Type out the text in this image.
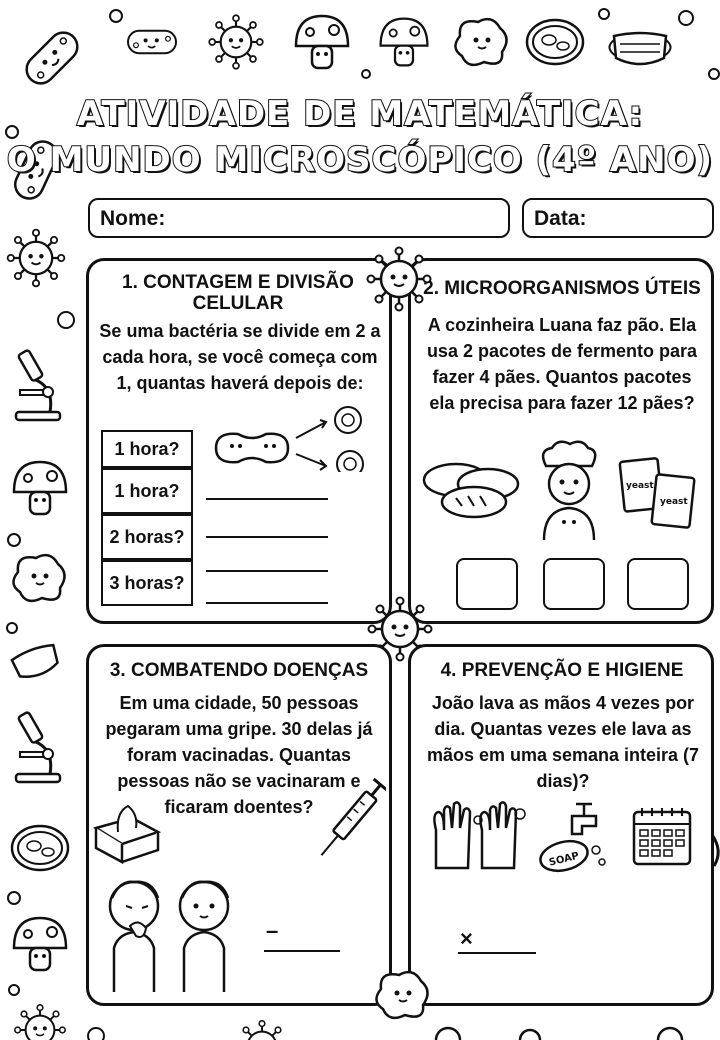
ATIVIDADE DE MATEMÁTICA:
O MUNDO MICROSCÓPICO (4º ANO)
Nome:	Data:
1. CONTAGEM E DIVISÃO CELULAR
Se uma bactéria se divide em 2 a cada hora, se você começa com 1, quantas haverá depois de:
1 hora?
1 hora?
2 horas?
3 horas?
2. MICROORGANISMOS ÚTEIS
A cozinheira Luana faz pão. Ela usa 2 pacotes de fermento para fazer 4 pães. Quantos pacotes ela precisa para fazer 12 pães?
yeast
yeast
3. COMBATENDO DOENÇAS
Em uma cidade, 50 pessoas pegaram uma gripe. 30 delas já foram vacinadas. Quantas pessoas não se vacinaram e ficaram doentes?
–
4. PREVENÇÃO E HIGIENE
João lava as mãos 4 vezes por dia. Quantas vezes ele lava as mãos em uma semana inteira (7 dias)?
SOAP
×
